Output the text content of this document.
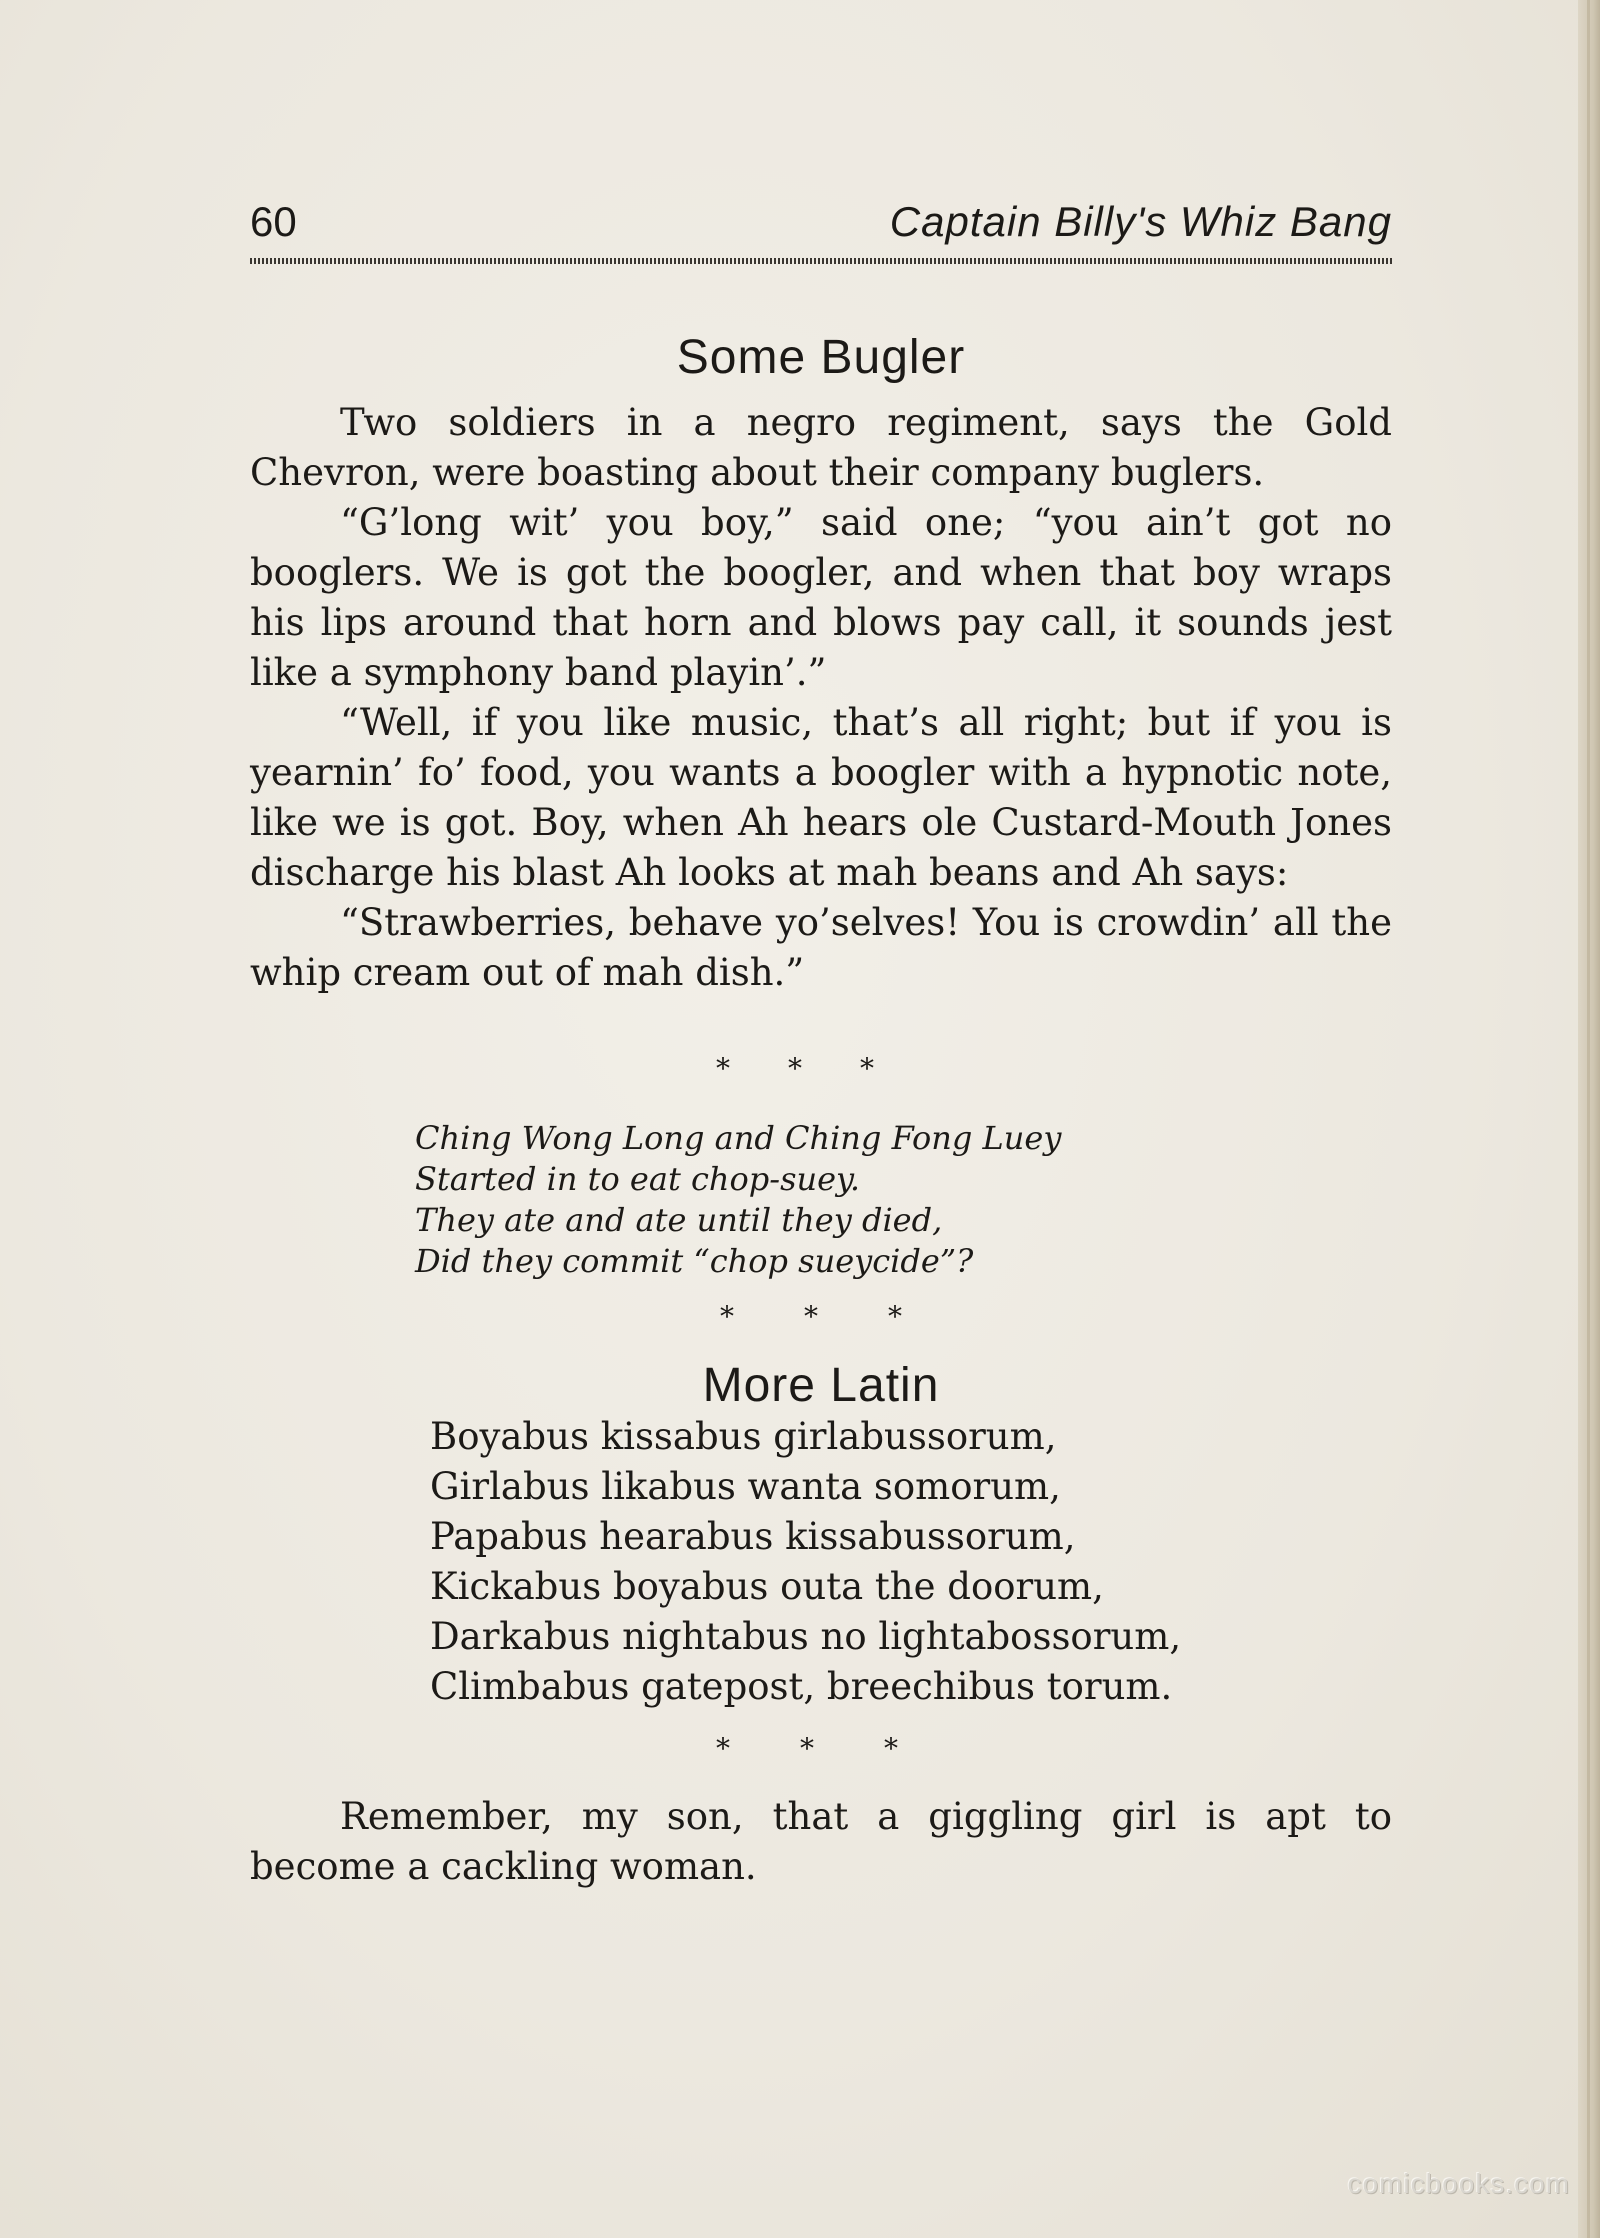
60	Captain Billy's Whiz Bang
Some Bugler
Two soldiers in a negro regiment, says the Gold Chevron, were boasting about their company buglers.
“G’long wit’ you boy,” said one; “you ain’t got no booglers. We is got the boogler, and when that boy wraps his lips around that horn and blows pay call, it sounds jest like a symphony band playin’.”
“Well, if you like music, that’s all right; but if you is yearnin’ fo’ food, you wants a boogler with a hypnotic note, like we is got. Boy, when Ah hears ole Custard-Mouth Jones discharge his blast Ah looks at mah beans and Ah says:
“Strawberries, behave yo’selves! You is crowdin’ all the whip cream out of mah dish.”
* * *
Ching Wong Long and Ching Fong Luey
Started in to eat chop-suey.
They ate and ate until they died,
Did they commit “chop sueycide”?
*	*	*
More Latin
Boyabus kissabus girlabussorum,
Girlabus likabus wanta somorum,
Papabus hearabus kissabussorum,
Kickabus boyabus outa the doorum,
Darkabus nightabus no lightabossorum,
Climbabus gatepost, breechibus torum.
*	*	*
Remember, my son, that a giggling girl is apt to become a cackling woman.
comicbooks.com
